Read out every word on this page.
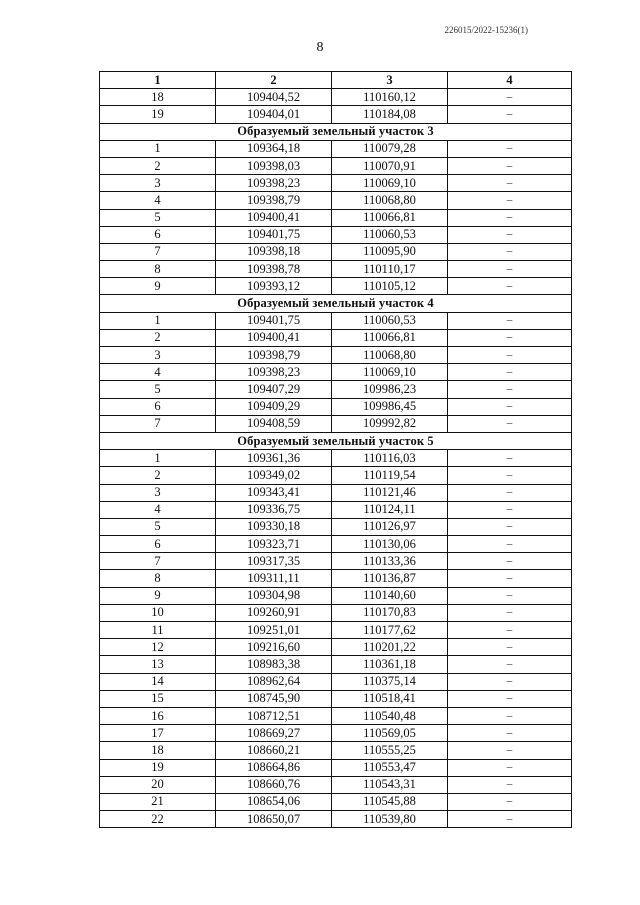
226015/2022-15236(1)
8
1	2	3	4
18	109404,52	110160,12	–
19	109404,01	110184,08	–
Образуемый земельный участок 3			
1	109364,18	110079,28	–
2	109398,03	110070,91	–
3	109398,23	110069,10	–
4	109398,79	110068,80	–
5	109400,41	110066,81	–
6	109401,75	110060,53	–
7	109398,18	110095,90	–
8	109398,78	110110,17	–
9	109393,12	110105,12	–
Образуемый земельный участок 4			
1	109401,75	110060,53	–
2	109400,41	110066,81	–
3	109398,79	110068,80	–
4	109398,23	110069,10	–
5	109407,29	109986,23	–
6	109409,29	109986,45	–
7	109408,59	109992,82	–
Образуемый земельный участок 5			
1	109361,36	110116,03	–
2	109349,02	110119,54	–
3	109343,41	110121,46	–
4	109336,75	110124,11	–
5	109330,18	110126,97	–
6	109323,71	110130,06	–
7	109317,35	110133,36	–
8	109311,11	110136,87	–
9	109304,98	110140,60	–
10	109260,91	110170,83	–
11	109251,01	110177,62	–
12	109216,60	110201,22	–
13	108983,38	110361,18	–
14	108962,64	110375,14	–
15	108745,90	110518,41	–
16	108712,51	110540,48	–
17	108669,27	110569,05	–
18	108660,21	110555,25	–
19	108664,86	110553,47	–
20	108660,76	110543,31	–
21	108654,06	110545,88	–
22	108650,07	110539,80	–
